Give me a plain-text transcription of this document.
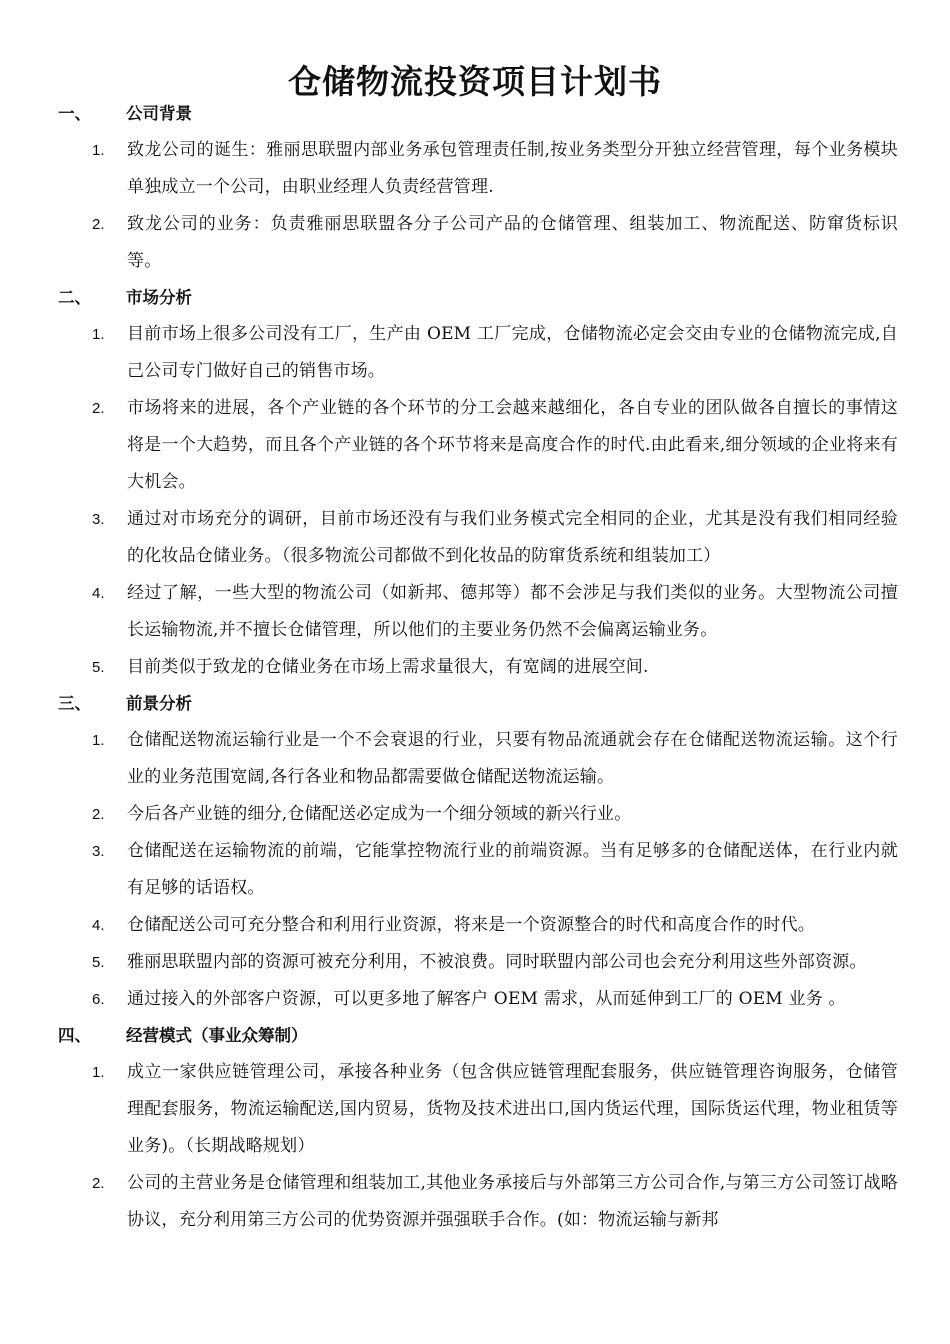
仓储物流投资项目计划书
一、 公司背景
1. 致龙公司的诞生：雅丽思联盟内部业务承包管理责任制,按业务类型分开独立经营管理，每个业务模块单独成立一个公司，由职业经理人负责经营管理.
2. 致龙公司的业务：负责雅丽思联盟各分子公司产品的仓储管理、组装加工、物流配送、防窜货标识等。
二、 市场分析
1. 目前市场上很多公司没有工厂，生产由 OEM 工厂完成，仓储物流必定会交由专业的仓储物流完成,自己公司专门做好自己的销售市场。
2. 市场将来的进展，各个产业链的各个环节的分工会越来越细化，各自专业的团队做各自擅长的事情这将是一个大趋势，而且各个产业链的各个环节将来是高度合作的时代.由此看来,细分领域的企业将来有大机会。
3. 通过对市场充分的调研，目前市场还没有与我们业务模式完全相同的企业，尤其是没有我们相同经验的化妆品仓储业务。（很多物流公司都做不到化妆品的防窜货系统和组装加工）
4. 经过了解，一些大型的物流公司（如新邦、德邦等）都不会涉足与我们类似的业务。大型物流公司擅长运输物流,并不擅长仓储管理，所以他们的主要业务仍然不会偏离运输业务。
5. 目前类似于致龙的仓储业务在市场上需求量很大，有宽阔的进展空间.
三、 前景分析
1. 仓储配送物流运输行业是一个不会衰退的行业，只要有物品流通就会存在仓储配送物流运输。这个行业的业务范围宽阔,各行各业和物品都需要做仓储配送物流运输。
2. 今后各产业链的细分,仓储配送必定成为一个细分领域的新兴行业。
3. 仓储配送在运输物流的前端，它能掌控物流行业的前端资源。当有足够多的仓储配送体，在行业内就有足够的话语权。
4. 仓储配送公司可充分整合和利用行业资源，将来是一个资源整合的时代和高度合作的时代。
5. 雅丽思联盟内部的资源可被充分利用，不被浪费。同时联盟内部公司也会充分利用这些外部资源。
6. 通过接入的外部客户资源，可以更多地了解客户 OEM 需求，从而延伸到工厂的 OEM 业务 。
四、 经营模式（事业众筹制）
1. 成立一家供应链管理公司，承接各种业务（包含供应链管理配套服务，供应链管理咨询服务，仓储管理配套服务，物流运输配送,国内贸易，货物及技术进出口,国内货运代理，国际货运代理，物业租赁等业务)。（长期战略规划）
2. 公司的主营业务是仓储管理和组装加工,其他业务承接后与外部第三方公司合作,与第三方公司签订战略协议，充分利用第三方公司的优势资源并强强联手合作。(如：物流运输与新邦
